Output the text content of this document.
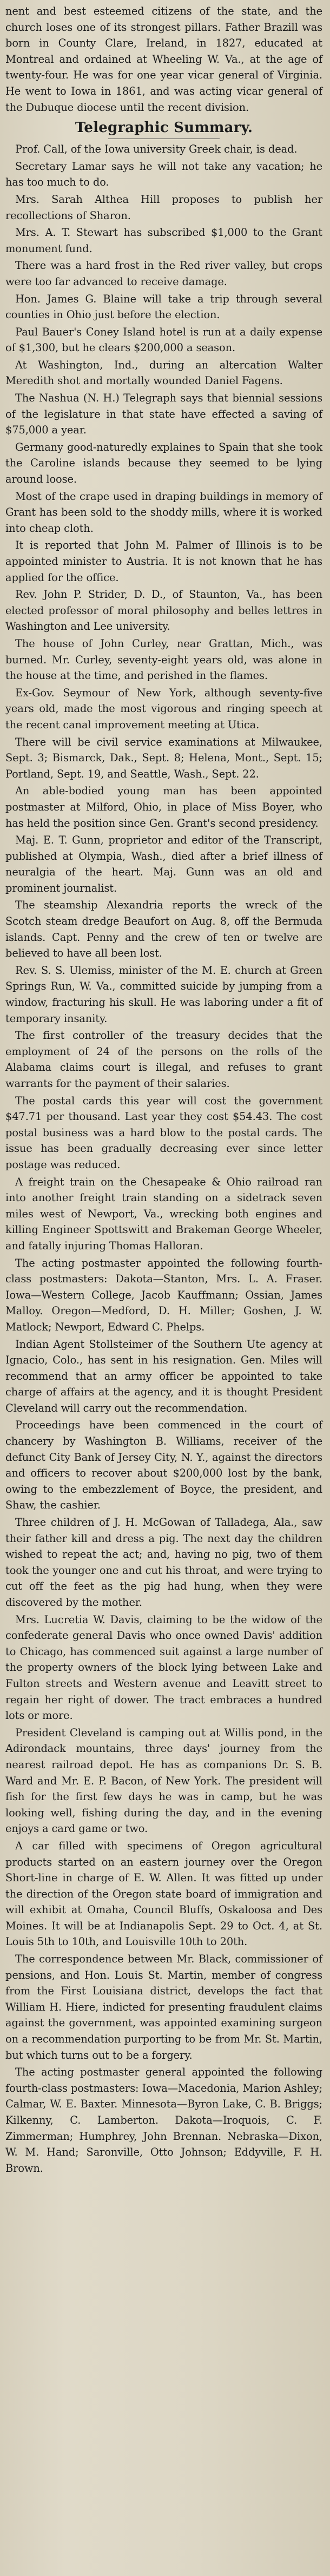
nent and best esteemed citizens of the state, and the church loses one of its strongest pillars. Father Brazill was born in County Clare, Ireland, in 1827, educated at Montreal and ordained at Wheeling W. Va., at the age of twenty-four. He was for one year vicar general of Virginia. He went to Iowa in 1861, and was acting vicar general of the Dubuque diocese until the recent division.

Telegraphic Summary.

Prof. Call, of the Iowa university Greek chair, is dead.

Secretary Lamar says he will not take any vacation; he has too much to do.

Mrs. Sarah Althea Hill proposes to publish her recollections of Sharon.

Mrs. A. T. Stewart has subscribed $1,000 to the Grant monument fund.

There was a hard frost in the Red river valley, but crops were too far advanced to receive damage.

Hon. James G. Blaine will take a trip through several counties in Ohio just before the election.

Paul Bauer's Coney Island hotel is run at a daily expense of $1,300, but he clears $200,000 a season.

At Washington, Ind., during an altercation Walter Meredith shot and mortally wounded Daniel Fagens.

The Nashua (N. H.) Telegraph says that biennial sessions of the legislature in that state have effected a saving of $75,000 a year.

Germany good-naturedly explaines to Spain that she took the Caroline islands because they seemed to be lying around loose.

Most of the crape used in draping buildings in memory of Grant has been sold to the shoddy mills, where it is worked into cheap cloth.

It is reported that John M. Palmer of Illinois is to be appointed minister to Austria. It is not known that he has applied for the office.

Rev. John P. Strider, D. D., of Staunton, Va., has been elected professor of moral philosophy and belles lettres in Washington and Lee university.

The house of John Curley, near Grattan, Mich., was burned. Mr. Curley, seventy-eight years old, was alone in the house at the time, and perished in the flames.

Ex-Gov. Seymour of New York, although seventy-five years old, made the most vigorous and ringing speech at the recent canal improvement meeting at Utica.

There will be civil service examinations at Milwaukee, Sept. 3; Bismarck, Dak., Sept. 8; Helena, Mont., Sept. 15; Portland, Sept. 19, and Seattle, Wash., Sept. 22.

An able-bodied young man has been appointed postmaster at Milford, Ohio, in place of Miss Boyer, who has held the position since Gen. Grant's second presidency.

Maj. E. T. Gunn, proprietor and editor of the Transcript, published at Olympia, Wash., died after a brief illness of neuralgia of the heart. Maj. Gunn was an old and prominent journalist.

The steamship Alexandria reports the wreck of the Scotch steam dredge Beaufort on Aug. 8, off the Bermuda islands. Capt. Penny and the crew of ten or twelve are believed to have all been lost.

Rev. S. S. Ulemiss, minister of the M. E. church at Green Springs Run, W. Va., committed suicide by jumping from a window, fracturing his skull. He was laboring under a fit of temporary insanity.

The first controller of the treasury decides that the employment of 24 of the persons on the rolls of the Alabama claims court is illegal, and refuses to grant warrants for the payment of their salaries.

The postal cards this year will cost the government $47.71 per thousand. Last year they cost $54.43. The cost postal business was a hard blow to the postal cards. The issue has been gradually decreasing ever since letter postage was reduced.

A freight train on the Chesapeake & Ohio railroad ran into another freight train standing on a sidetrack seven miles west of Newport, Va., wrecking both engines and killing Engineer Spottswitt and Brakeman George Wheeler, and fatally injuring Thomas Halloran.

The acting postmaster appointed the following fourth-class postmasters: Dakota—Stanton, Mrs. L. A. Fraser. Iowa—Western College, Jacob Kauffmann; Ossian, James Malloy. Oregon—Medford, D. H. Miller; Goshen, J. W. Matlock; Newport, Edward C. Phelps.

Indian Agent Stollsteimer of the Southern Ute agency at Ignacio, Colo., has sent in his resignation. Gen. Miles will recommend that an army officer be appointed to take charge of affairs at the agency, and it is thought President Cleveland will carry out the recommendation.

Proceedings have been commenced in the court of chancery by Washington B. Williams, receiver of the defunct City Bank of Jersey City, N. Y., against the directors and officers to recover about $200,000 lost by the bank, owing to the embezzlement of Boyce, the president, and Shaw, the cashier.

Three children of J. H. McGowan of Talladega, Ala., saw their father kill and dress a pig. The next day the children wished to repeat the act; and, having no pig, two of them took the younger one and cut his throat, and were trying to cut off the feet as the pig had hung, when they were discovered by the mother.

Mrs. Lucretia W. Davis, claiming to be the widow of the confederate general Davis who once owned Davis' addition to Chicago, has commenced suit against a large number of the property owners of the block lying between Lake and Fulton streets and Western avenue and Leavitt street to regain her right of dower. The tract embraces a hundred lots or more.

President Cleveland is camping out at Willis pond, in the Adirondack mountains, three days' journey from the nearest railroad depot. He has as companions Dr. S. B. Ward and Mr. E. P. Bacon, of New York. The president will fish for the first few days he was in camp, but he was looking well, fishing during the day, and in the evening enjoys a card game or two.

A car filled with specimens of Oregon agricultural products started on an eastern journey over the Oregon Short-line in charge of E. W. Allen. It was fitted up under the direction of the Oregon state board of immigration and will exhibit at Omaha, Council Bluffs, Oskaloosa and Des Moines. It will be at Indianapolis Sept. 29 to Oct. 4, at St. Louis 5th to 10th, and Louisville 10th to 20th.

The correspondence between Mr. Black, commissioner of pensions, and Hon. Louis St. Martin, member of congress from the First Louisiana district, develops the fact that William H. Hiere, indicted for presenting fraudulent claims against the government, was appointed examining surgeon on a recommendation purporting to be from Mr. St. Martin, but which turns out to be a forgery.

The acting postmaster general appointed the following fourth-class postmasters: Iowa—Macedonia, Marion Ashley; Calmar, W. E. Baxter. Minnesota—Byron Lake, C. B. Briggs; Kilkenny, C. Lamberton. Dakota—Iroquois, C. F. Zimmerman; Humphrey, John Brennan. Nebraska—Dixon, W. M. Hand; Saronville, Otto Johnson; Eddyville, F. H. Brown.
